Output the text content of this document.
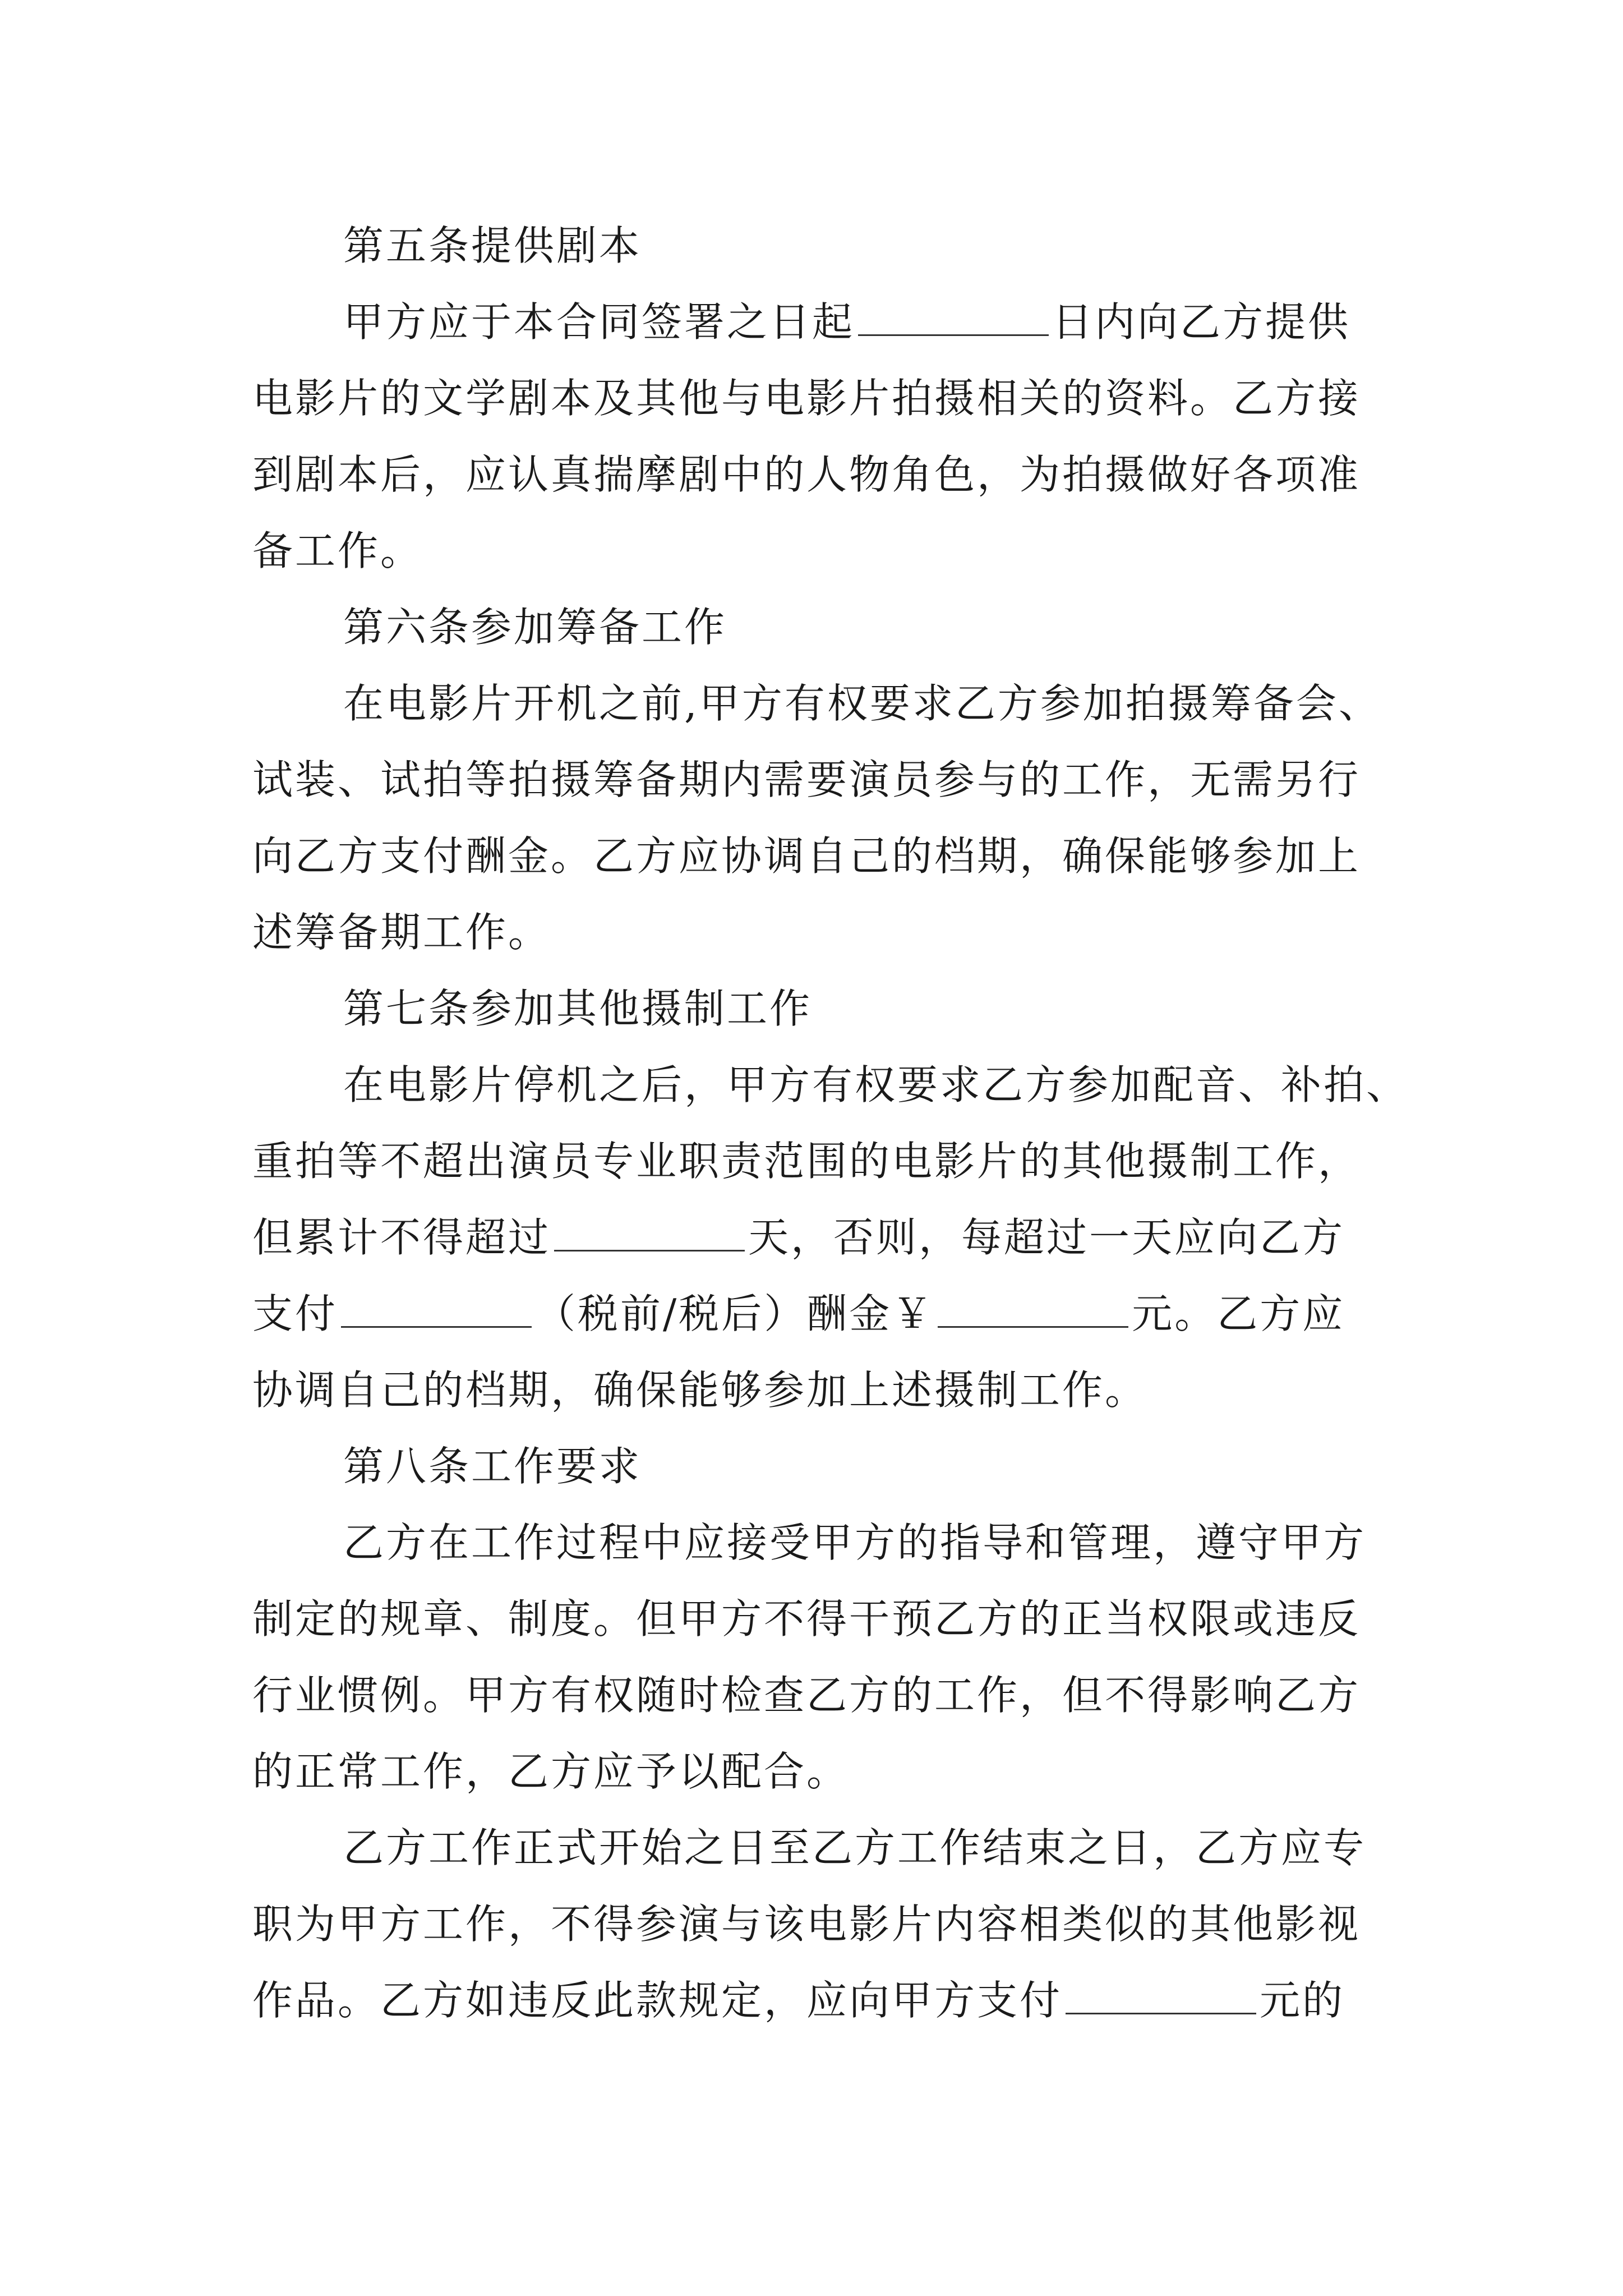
第五条提供剧本
甲方应于本合同签署之日起	日内向乙方提供
电影片的文学剧本及其他与电影片拍摄相关的资料。乙方接
到剧本后，应认真揣摩剧中的人物角色，为拍摄做好各项准
备工作。
第六条参加筹备工作
在电影片开机之前,甲方有权要求乙方参加拍摄筹备会、
试装、试拍等拍摄筹备期内需要演员参与的工作，无需另行
向乙方支付酬金。乙方应协调自己的档期，确保能够参加上
述筹备期工作。
第七条参加其他摄制工作
在电影片停机之后，甲方有权要求乙方参加配音、补拍、
重拍等不超出演员专业职责范围的电影片的其他摄制工作，
但累计不得超过	天，否则，每超过一天应向乙方
支付	（税前/税后）酬金￥	元。乙方应
协调自己的档期，确保能够参加上述摄制工作。
第八条工作要求
乙方在工作过程中应接受甲方的指导和管理，遵守甲方
制定的规章、制度。但甲方不得干预乙方的正当权限或违反
行业惯例。甲方有权随时检查乙方的工作，但不得影响乙方
的正常工作，乙方应予以配合。
乙方工作正式开始之日至乙方工作结束之日，乙方应专
职为甲方工作，不得参演与该电影片内容相类似的其他影视
作品。乙方如违反此款规定，应向甲方支付	元的
